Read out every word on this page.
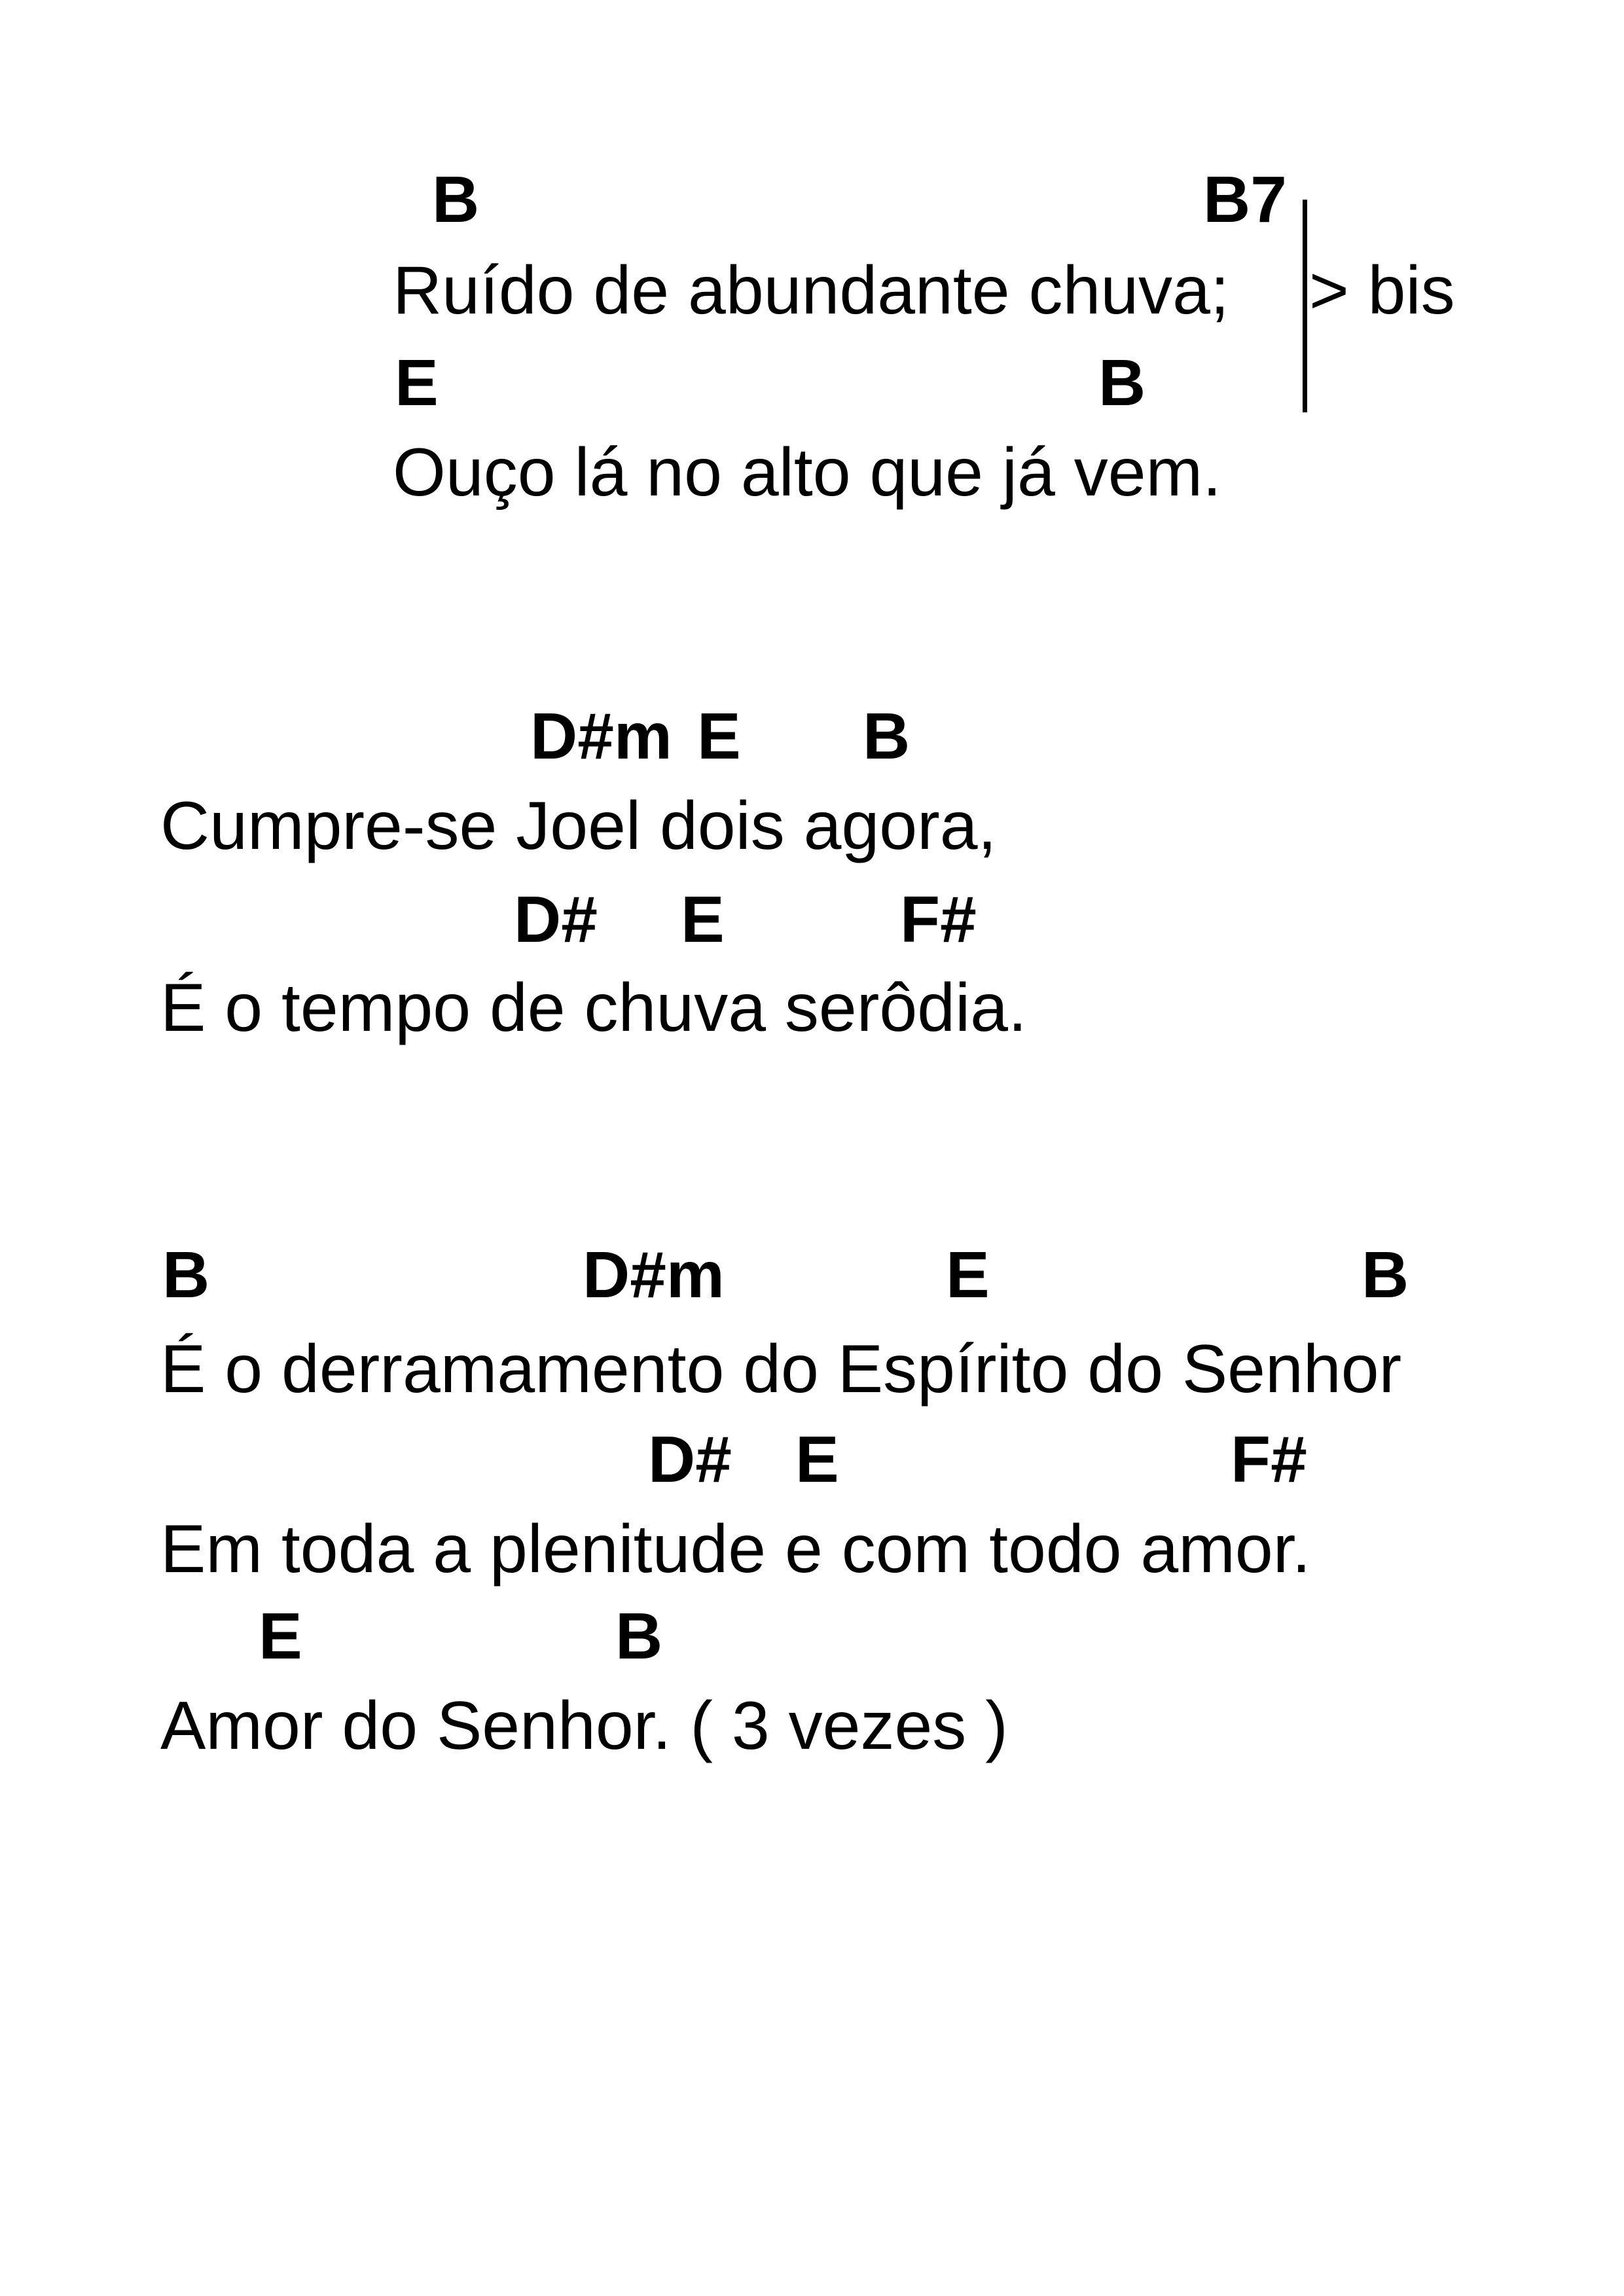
B	B7
Ruído de abundante chuva; > bis
E	B
Ouço lá no alto que já vem.
D#m E B
Cumpre-se Joel dois agora,
D# E	F#
É o tempo de chuva serôdia.
B	D#m	E	B
É o derramamento do Espírito do Senhor
D# E	F#
Em toda a plenitude e com todo amor.
E	B
Amor do Senhor. ( 3 vezes )
